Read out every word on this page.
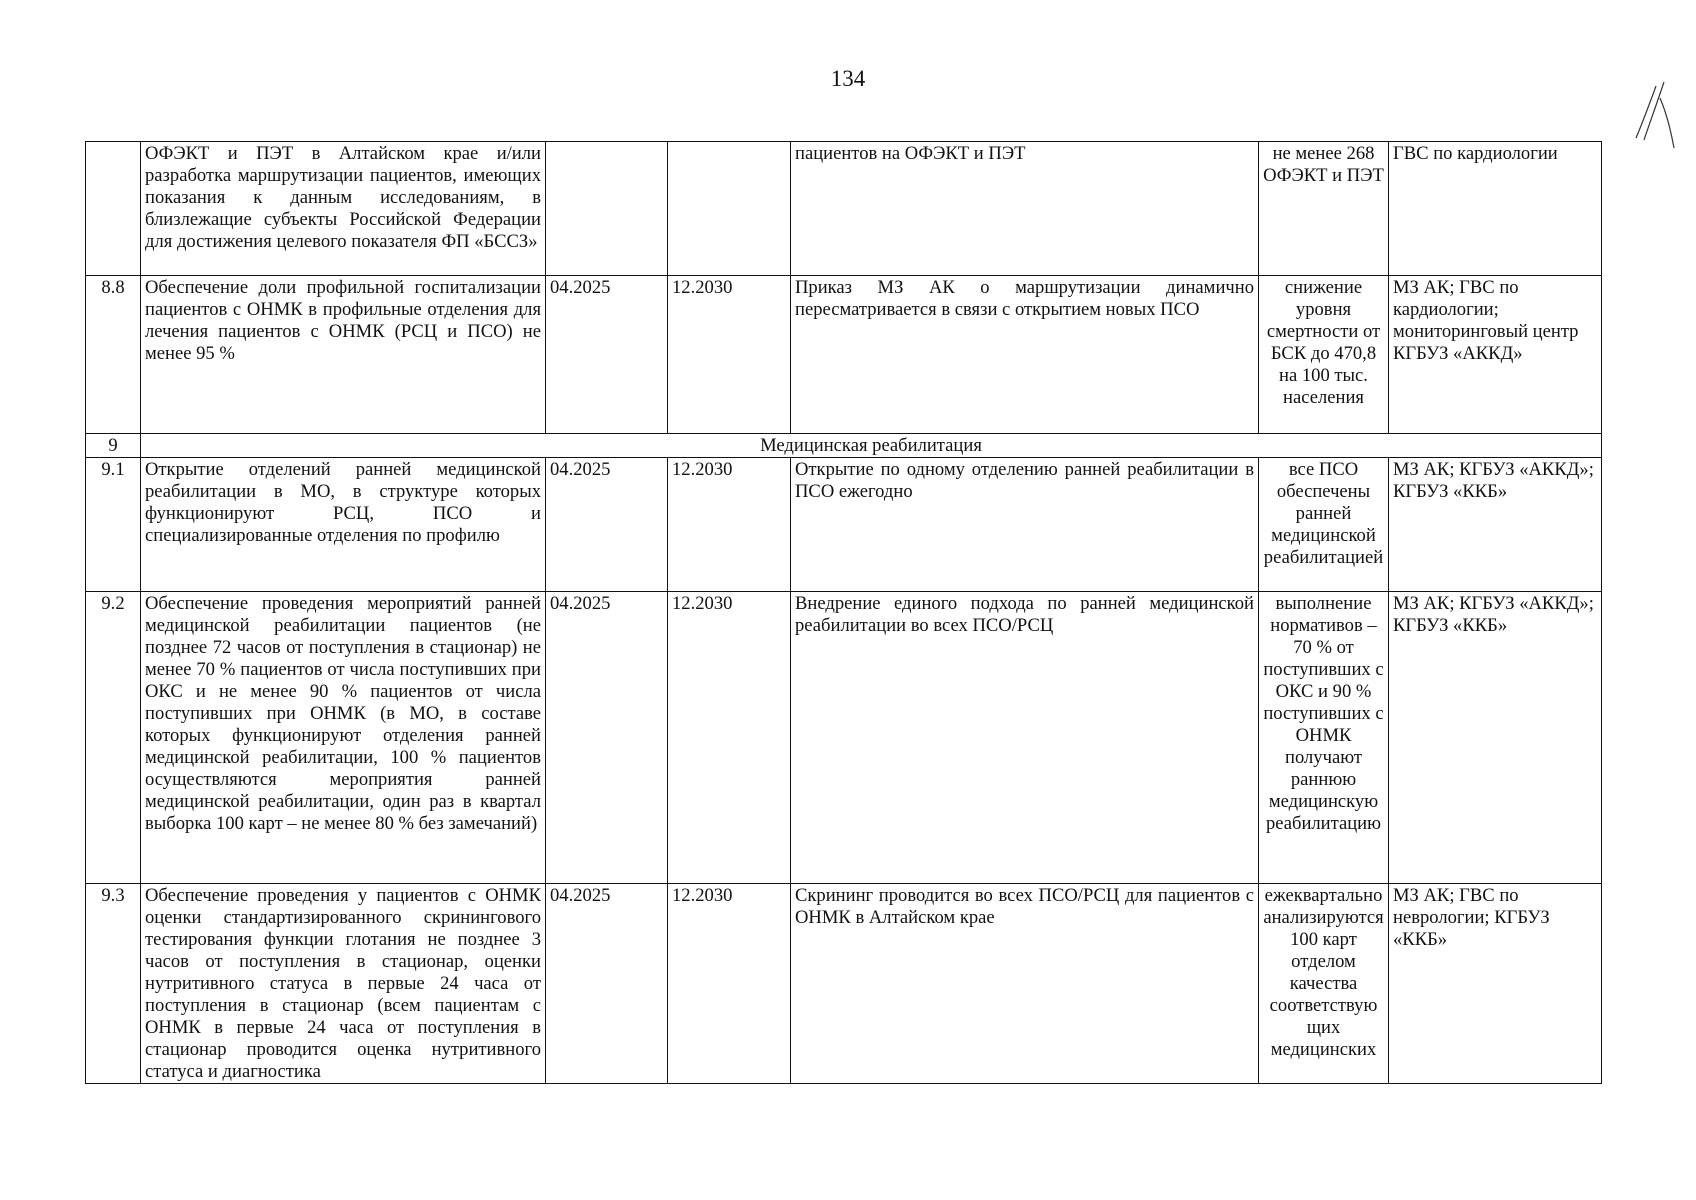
134
	ОФЭКТ и ПЭТ в Алтайском крае и/или разработка маршрутизации пациентов, имеющих показания к данным исследованиям, в близлежащие субъекты Российской Федерации для достижения целевого показателя ФП «БССЗ»			пациентов на ОФЭКТ и ПЭТ	не менее 268 ОФЭКТ и ПЭТ	ГВС по кардиологии
8.8	Обеспечение доли профильной госпитализации пациентов с ОНМК в профильные отделения для лечения пациентов с ОНМК (РСЦ и ПСО) не менее 95 %	04.2025	12.2030	Приказ МЗ АК о маршрутизации динамично пересматривается в связи с открытием новых ПСО	снижение уровня смертности от БСК до 470,8 на 100 тыс. населения	МЗ АК; ГВС по кардиологии; мониторинговый центр КГБУЗ «АККД»
9	Медицинская реабилитация					
9.1	Открытие отделений ранней медицинской реабилитации в МО, в структуре которых функционируют РСЦ, ПСО и специализированные отделения по профилю	04.2025	12.2030	Открытие по одному отделению ранней реабилитации в ПСО ежегодно	все ПСО обеспечены ранней медицинской реабилитацией	МЗ АК; КГБУЗ «АККД»; КГБУЗ «ККБ»
9.2	Обеспечение проведения мероприятий ранней медицинской реабилитации пациентов (не позднее 72 часов от поступления в стационар) не менее 70 % пациентов от числа поступивших при ОКС и не менее 90 % пациентов от числа поступивших при ОНМК (в МО, в составе которых функционируют отделения ранней медицинской реабилитации, 100 % пациентов осуществляются мероприятия ранней медицинской реабилитации, один раз в квартал выборка 100 карт – не менее 80 % без замечаний)	04.2025	12.2030	Внедрение единого подхода по ранней медицинской реабилитации во всех ПСО/РСЦ	выполнение нормативов – 70 % от поступивших с ОКС и 90 % поступивших с ОНМК получают раннюю медицинскую реабилитацию	МЗ АК; КГБУЗ «АККД»; КГБУЗ «ККБ»
9.3	Обеспечение проведения у пациентов с ОНМК оценки стандартизированного скринингового тестирования функции глотания не позднее 3 часов от поступления в стационар, оценки нутритивного статуса в первые 24 часа от поступления в стационар (всем пациентам с ОНМК в первые 24 часа от поступления в стационар проводится оценка нутритивного статуса и диагностика	04.2025	12.2030	Скрининг проводится во всех ПСО/РСЦ для пациентов с ОНМК в Алтайском крае	ежеквартально анализируются 100 карт отделом качества соответствующих медицинских	МЗ АК; ГВС по неврологии; КГБУЗ «ККБ»
